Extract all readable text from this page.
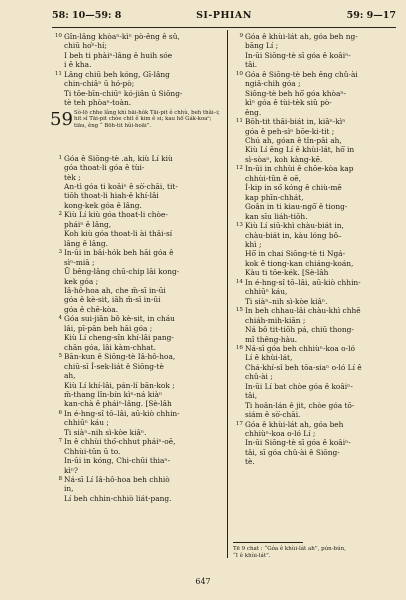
58: 10—59: 8	SI-PHIAN	59: 9—17
10 Gîn-lâng khòaⁿ-kìⁿ pò-êng ê sû,
chiū ho͘ⁿ-hí;
I beh ti phàiⁿ-lâng ê huih sóe
i ê kha.
11 Lâng chiū beh kóng, Gī-lâng
chin-chiâⁿ ū hó-pò;
Ti tōe-bīn-chiūⁿ kó-jiân ū Siōng-
tè teh phòaⁿ-toàn.
59 Sò-lō chhe lâng khì bāi-hók Tāi-pit ê chhù, beh thâi–i; hit sî Tāi-pit chòe chit ê kim ê si; kau hō͘ Gák-koaⁿ; tiāu, êng “ Bōh-tit hûi-hoāi”.
1 Góa ê Siōng-tè .ah, kiù Lí kiù
góa thoat-li góa ê tùi-
tèk ;
An-tì góa ti koâiⁿ ê sò͘-chāi, tit-
tiōh thoat-li hiah-ê khí-lâi
kong-kek góa ê lâng.
2 Kiù Lí kiù góa thoat-li chòe-
pháiⁿ ê lâng,
Koh kiù góa thoat-li ài thâi-sí
lâng ê lâng.
3 In-ūi in bâi-hók beh hāi góa ê
sìⁿ-miā ;
Ū bêng-lâng chū-chip lâi kong-
kek góa ;
Iâ-hô-hoa ah, che m̄-sī in-ūi
góa ê kè-sit, iāh m̄-sī in-ūi
góa ê chē-kòa.
4 Góa sui-jiân bô kè-sit, in cháu
lâi, pī-pān beh hāi góa ;
Kiù Lí cheng-sîn khí-lâi pang-
chān góa, lâi kàm-chhat.
5 Bān-kun ê Siōng-tè Iâ-hô-hoa,
chiū-sī Í-sek-liát ê Siōng-tè
ah,
Kiù Lí khí-lâi, pán-lí bān-kok ;
m̄-thang lîn-bín kìⁿ-ná kiàⁿ
kan-chà ê pháiⁿ-lâng. [Sè-lâh
6 In é-hng-sî tō–lâi, aū-kiò chhin-
chhiūⁿ káu ;
Ti siàⁿ–nih sì-kòe kiâⁿ.
7 In ê chhùi thó͘-chhut pháiⁿ-oē,
Chhùi-tûn ū to.
In-ūi in kóng, Chi-chūi thiaⁿ-
kìⁿ?
8 Ná-sī Lí Iâ-hô-hoa beh chhiò
in,
Lí beh chhin-chhiò liát-pang.
9 Góa ê khùi-lát ah, góa beh ng-
bāng Lí ;
In-ūi Siōng-tè sī góa ê koâiⁿ-
tâi.
10 Góa ê Siōng-tè beh êng chû-ài
ngiâ-chih góa ;
Siōng-tè beh hō͘ góa khòaⁿ-
kìⁿ góa ê tùi-tèk siû pò-
êng.
11 Bōh-tit thâi-biát in, kiâⁿ-kìⁿ
góa ê peh-sìⁿ bōe-ki-tit ;
Chú ah, góan ê tîn-pâi ah,
Kiù Lí êng Lí ê khùi-lát, hō͘ in
sì-sòaⁿ, koh kàng-kē.
12 In-ūi in chhùi ê chōe-kòa kap
chhùi-tûn ê oē,
Í-kip in só͘ kóng ê chiù-mē
kap phīn-chhát,
Goân in ti kiau-ngō͘ ê tiong-
kan sīu liáh-tiōh.
13 Kiù Lí siū-khì chàu-biát in,
chàu-biát in, kàu lóng bô–
khì ;
Hō͘ in chai Siōng-tè ti Ngá-
kok ê tiong-kan chiáng-koán,
Kàu ti tōe-kék. [Sè-lâh
14 In é-hng-sî tō–lâi, aū-kiò chhin-
chhiūⁿ káu,
Ti siàⁿ–nih sì-kòe kiâⁿ.
15 In beh chhau-lâi chàu-khì chhē
chiáh-mih-kiān ;
Ná bô tit-tiōh pá, chiū thong-
mî thêng-hàu.
16 Ná-sī góa beh chhiùⁿ-koa o-ló
Lí ê khùi-lát,
Chá-khí-sî beh tōa-siaⁿ o-ló Lí ê
chû-ài ;
In-ūi Lí bat chòe góa ê koâiⁿ-
tâi,
Ti hoân-lán ê jit, chòe góa tō-
siám ê sò͘-chāi.
17 Góa ê khùi-lát ah, góa beh
chhiùⁿ-koa o-ló Lí ;
In-ūi Siōng-tè sī góa ê koâiⁿ-
tâi, sī góa chû-ài ê Siōng-
tè.
Tē 9 chat : “Góa ê khùi-lát ah”, pún-bún,
“I ê khùi-lát”.
647
